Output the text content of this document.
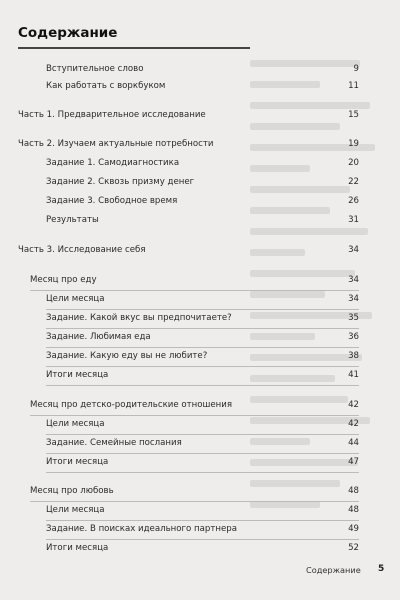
Содержание
Вступительное слово	9
Как работать с воркбуком	11
Часть 1. Предварительное исследование	15
Часть 2. Изучаем актуальные потребности	19
Задание 1. Самодиагностика	20
Задание 2. Сквозь призму денег	22
Задание 3. Свободное время	26
Результаты	31
Часть 3. Исследование себя	34
Месяц про еду	34
Цели месяца	34
Задание. Какой вкус вы предпочитаете?	35
Задание. Любимая еда	36
Задание. Какую еду вы не любите?	38
Итоги месяца	41
Месяц про детско-родительские отношения	42
Цели месяца	42
Задание. Семейные послания	44
Итоги месяца	47
Месяц про любовь	48
Цели месяца	48
Задание. В поисках идеального партнера	49
Итоги месяца	52
Содержание 5
